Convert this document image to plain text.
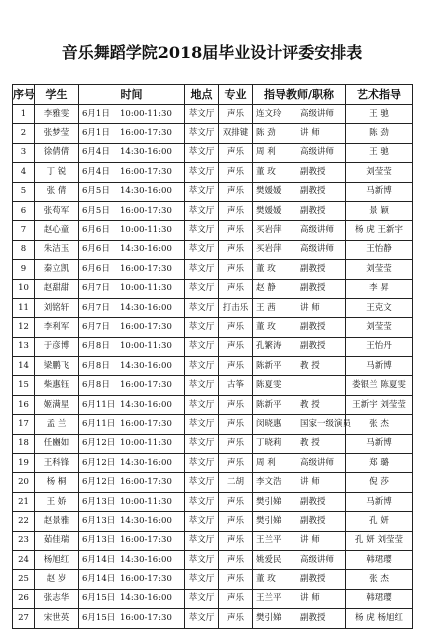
音乐舞蹈学院2018届毕业设计评委安排表
序号	学生	时间	地点	专业	指导教师/职称	艺术指导
1	李雅雯	6月1日 10:00-11:30	萃文厅	声乐	连文玲 高级讲师	王 驰
2	张梦莹	6月1日 16:00-17:30	萃文厅	双排键	陈 劲 讲 师	陈 劲
3	徐倩倩	6月4日 14:30-16:00	萃文厅	声乐	周 利 高级讲师	王 驰
4	丁 锐	6月4日 16:00-17:30	萃文厅	声乐	董 玫 副教授	刘莹莹
5	张 倩	6月5日 14:30-16:00	萃文厅	声乐	樊媛媛 副教授	马新博
6	张苟军	6月5日 16:00-17:30	萃文厅	声乐	樊媛媛 副教授	景 颖
7	赵心童	6月6日 10:00-11:30	萃文厅	声乐	买岩萍 高级讲师	杨 虎 王新宇
8	朱洁玉	6月6日 14:30-16:00	萃文厅	声乐	买岩萍 高级讲师	王怡静
9	秦立凯	6月6日 16:00-17:30	萃文厅	声乐	董 玫 副教授	刘莹莹
10	赵甜甜	6月7日 10:00-11:30	萃文厅	声乐	赵 静 副教授	李 昇
11	刘铭轩	6月7日 14:30-16:00	萃文厅	打击乐	王 茜 讲 师	王克文
12	李利军	6月7日 16:00-17:30	萃文厅	声乐	董 玫 副教授	刘莹莹
13	于彦博	6月8日 10:00-11:30	萃文厅	声乐	孔繁涛 副教授	王怡丹
14	梁鹏飞	6月8日 14:30-16:00	萃文厅	声乐	陈新平 教 授	马新博
15	柴惠钰	6月8日 16:00-17:30	萃文厅	古筝	陈夏雯	娄银兰 陈夏雯
16	姬满星	6月11日 14:30-16:00	萃文厅	声乐	陈新平 教 授	王新宇 刘莹莹
17	孟 兰	6月11日 16:00-17:30	萃文厅	声乐	闵晓惠 国家一级演员	张 杰
18	任豳如	6月12日 10:00-11:30	萃文厅	声乐	丁晓莉 教 授	马新博
19	王科锋	6月12日 14:30-16:00	萃文厅	声乐	周 利 高级讲师	郑 璐
20	杨 桐	6月12日 16:00-17:30	萃文厅	二胡	李文浩 讲 师	倪 莎
21	王 娇	6月13日 10:00-11:30	萃文厅	声乐	樊引娣 副教授	马新博
22	赵景雅	6月13日 14:30-16:00	萃文厅	声乐	樊引娣 副教授	孔 妍
23	茹佳瑞	6月13日 16:00-17:30	萃文厅	声乐	王兰平 讲 师	孔 妍 刘莹莹
24	杨旭红	6月14日 14:30-16:00	萃文厅	声乐	姚爱民 高级讲师	韩珺璎
25	赵 岁	6月14日 16:00-17:30	萃文厅	声乐	董 玫 副教授	张 杰
26	张志华	6月15日 14:30-16:00	萃文厅	声乐	王兰平 讲 师	韩珺璎
27	宋世英	6月15日 16:00-17:30	萃文厅	声乐	樊引娣 副教授	杨 虎 杨旭红
